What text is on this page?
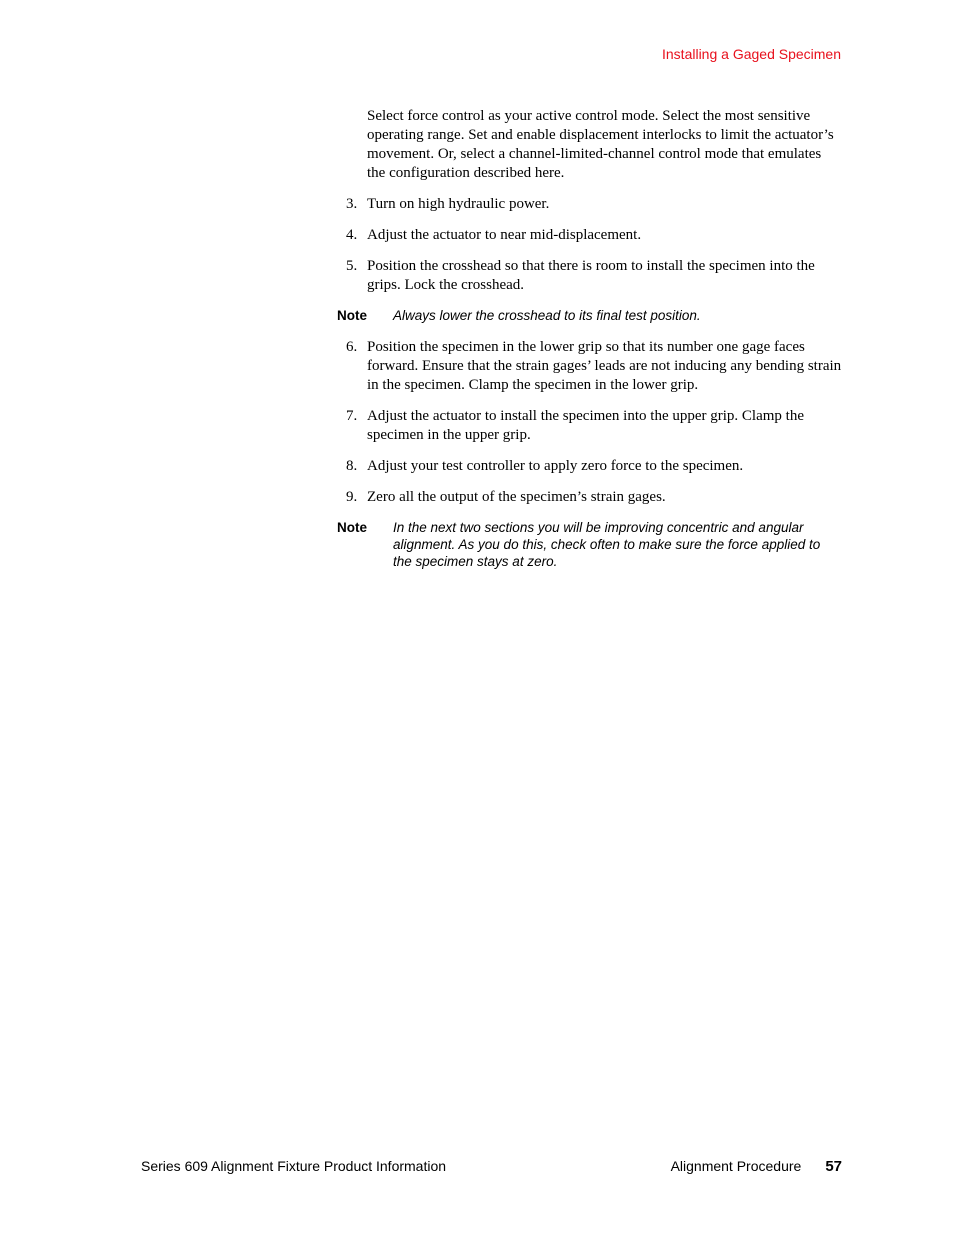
Installing a Gaged Specimen

Select force control as your active control mode. Select the most sensitive operating range. Set and enable displacement interlocks to limit the actuator’s movement. Or, select a channel-limited-channel control mode that emulates the configuration described here.

3. Turn on high hydraulic power.
4. Adjust the actuator to near mid-displacement.
5. Position the crosshead so that there is room to install the specimen into the grips. Lock the crosshead.
Note	Always lower the crosshead to its final test position.
6. Position the specimen in the lower grip so that its number one gage faces forward. Ensure that the strain gages’ leads are not inducing any bending strain in the specimen. Clamp the specimen in the lower grip.
7. Adjust the actuator to install the specimen into the upper grip. Clamp the specimen in the upper grip.
8. Adjust your test controller to apply zero force to the specimen.
9. Zero all the output of the specimen’s strain gages.
Note	In the next two sections you will be improving concentric and angular alignment. As you do this, check often to make sure the force applied to the specimen stays at zero.
Series 609 Alignment Fixture Product Information	Alignment Procedure 57
